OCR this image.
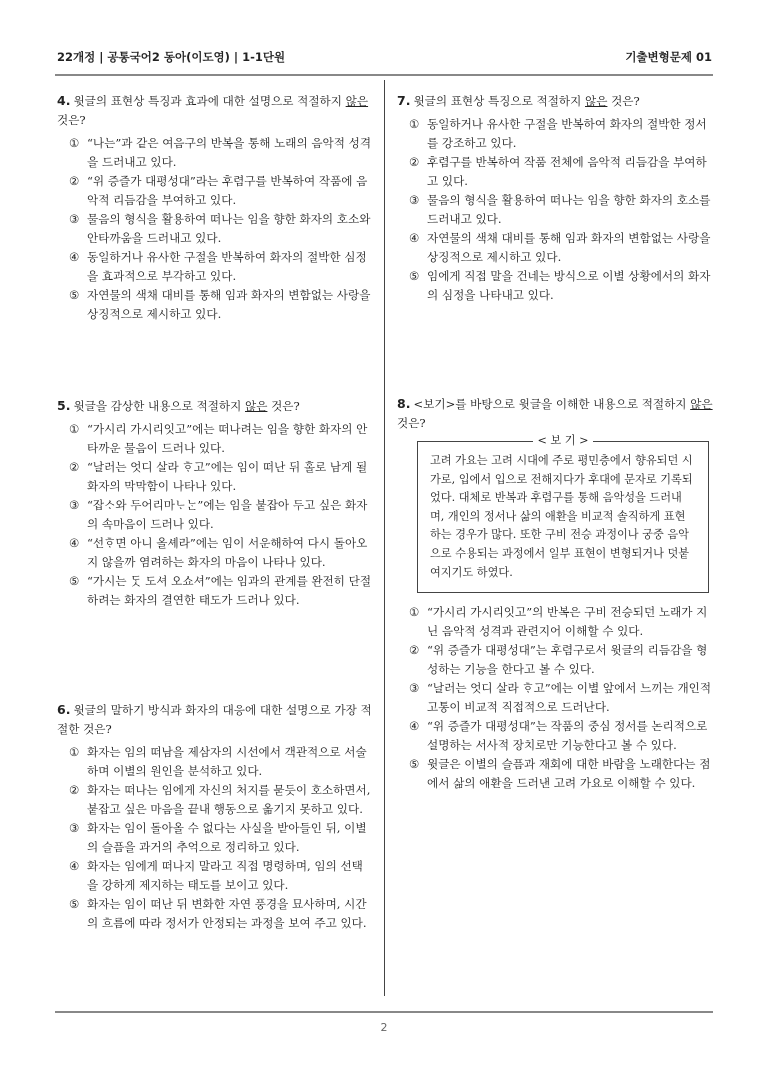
22개정 | 공통국어2 동아(이도영) | 1-1단원	기출변형문제 01
4. 윗글의 표현상 특징과 효과에 대한 설명으로 적절하지 않은 것은?
① “나는”과 같은 여음구의 반복을 통해 노래의 음악적 성격을 드러내고 있다.
② “위 증즐가 대평성대”라는 후렴구를 반복하여 작품에 음악적 리듬감을 부여하고 있다.
③ 물음의 형식을 활용하여 떠나는 임을 향한 화자의 호소와 안타까움을 드러내고 있다.
④ 동일하거나 유사한 구절을 반복하여 화자의 절박한 심정을 효과적으로 부각하고 있다.
⑤ 자연물의 색채 대비를 통해 임과 화자의 변함없는 사랑을 상징적으로 제시하고 있다.
5. 윗글을 감상한 내용으로 적절하지 않은 것은?
① “가시리 가시리잇고”에는 떠나려는 임을 향한 화자의 안타까운 물음이 드러나 있다.
② “날러는 엇디 살라 ᄒᆞ고”에는 임이 떠난 뒤 홀로 남게 될 화자의 막막함이 나타나 있다.
③ “잡ᄉᆞ와 두어리마ᄂᆞᄂᆞᆫ”에는 임을 붙잡아 두고 싶은 화자의 속마음이 드러나 있다.
④ “선ᄒᆞ면 아니 올셰라”에는 임이 서운해하여 다시 돌아오지 않을까 염려하는 화자의 마음이 나타나 있다.
⑤ “가시는 ᄃᆞᆺ 도셔 오쇼셔”에는 임과의 관계를 완전히 단절하려는 화자의 결연한 태도가 드러나 있다.
6. 윗글의 말하기 방식과 화자의 대응에 대한 설명으로 가장 적절한 것은?
① 화자는 임의 떠남을 제삼자의 시선에서 객관적으로 서술하며 이별의 원인을 분석하고 있다.
② 화자는 떠나는 임에게 자신의 처지를 묻듯이 호소하면서, 붙잡고 싶은 마음을 끝내 행동으로 옮기지 못하고 있다.
③ 화자는 임이 돌아올 수 없다는 사실을 받아들인 뒤, 이별의 슬픔을 과거의 추억으로 정리하고 있다.
④ 화자는 임에게 떠나지 말라고 직접 명령하며, 임의 선택을 강하게 제지하는 태도를 보이고 있다.
⑤ 화자는 임이 떠난 뒤 변화한 자연 풍경을 묘사하며, 시간의 흐름에 따라 정서가 안정되는 과정을 보여 주고 있다.
7. 윗글의 표현상 특징으로 적절하지 않은 것은?
① 동일하거나 유사한 구절을 반복하여 화자의 절박한 정서를 강조하고 있다.
② 후렴구를 반복하여 작품 전체에 음악적 리듬감을 부여하고 있다.
③ 물음의 형식을 활용하여 떠나는 임을 향한 화자의 호소를 드러내고 있다.
④ 자연물의 색채 대비를 통해 임과 화자의 변함없는 사랑을 상징적으로 제시하고 있다.
⑤ 임에게 직접 말을 건네는 방식으로 이별 상황에서의 화자의 심정을 나타내고 있다.
8. <보기>를 바탕으로 윗글을 이해한 내용으로 적절하지 않은 것은?
< 보 기 >
고려 가요는 고려 시대에 주로 평민층에서 향유되던 시가로, 입에서 입으로 전해지다가 후대에 문자로 기록되었다. 대체로 반복과 후렴구를 통해 음악성을 드러내며, 개인의 정서나 삶의 애환을 비교적 솔직하게 표현하는 경우가 많다. 또한 구비 전승 과정이나 궁중 음악으로 수용되는 과정에서 일부 표현이 변형되거나 덧붙여지기도 하였다.
① “가시리 가시리잇고”의 반복은 구비 전승되던 노래가 지닌 음악적 성격과 관련지어 이해할 수 있다.
② “위 증즐가 대평성대”는 후렴구로서 윗글의 리듬감을 형성하는 기능을 한다고 볼 수 있다.
③ “날러는 엇디 살라 ᄒᆞ고”에는 이별 앞에서 느끼는 개인적 고통이 비교적 직접적으로 드러난다.
④ “위 증즐가 대평성대”는 작품의 중심 정서를 논리적으로 설명하는 서사적 장치로만 기능한다고 볼 수 있다.
⑤ 윗글은 이별의 슬픔과 재회에 대한 바람을 노래한다는 점에서 삶의 애환을 드러낸 고려 가요로 이해할 수 있다.
2
